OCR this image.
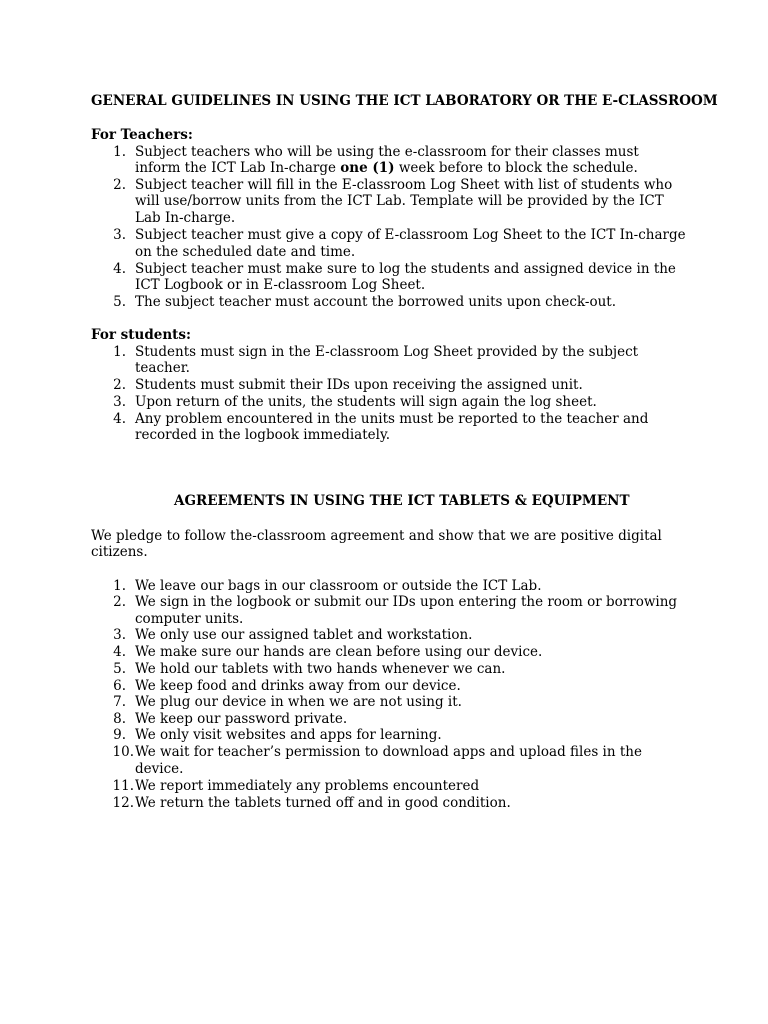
GENERAL GUIDELINES IN USING THE ICT LABORATORY OR THE E-CLASSROOM
For Teachers:
1. Subject teachers who will be using the e-classroom for their classes must
inform the ICT Lab In-charge one (1) week before to block the schedule.
2. Subject teacher will fill in the E-classroom Log Sheet with list of students who
will use/borrow units from the ICT Lab. Template will be provided by the ICT
Lab In-charge.
3. Subject teacher must give a copy of E-classroom Log Sheet to the ICT In-charge
on the scheduled date and time.
4. Subject teacher must make sure to log the students and assigned device in the
ICT Logbook or in E-classroom Log Sheet.
5. The subject teacher must account the borrowed units upon check-out.
For students:
1. Students must sign in the E-classroom Log Sheet provided by the subject
teacher.
2. Students must submit their IDs upon receiving the assigned unit.
3. Upon return of the units, the students will sign again the log sheet.
4. Any problem encountered in the units must be reported to the teacher and
recorded in the logbook immediately.
AGREEMENTS IN USING THE ICT TABLETS & EQUIPMENT
We pledge to follow the-classroom agreement and show that we are positive digital
citizens.
1. We leave our bags in our classroom or outside the ICT Lab.
2. We sign in the logbook or submit our IDs upon entering the room or borrowing
computer units.
3. We only use our assigned tablet and workstation.
4. We make sure our hands are clean before using our device.
5. We hold our tablets with two hands whenever we can.
6. We keep food and drinks away from our device.
7. We plug our device in when we are not using it.
8. We keep our password private.
9. We only visit websites and apps for learning.
10. We wait for teacher’s permission to download apps and upload files in the
device.
11. We report immediately any problems encountered
12. We return the tablets turned off and in good condition.
